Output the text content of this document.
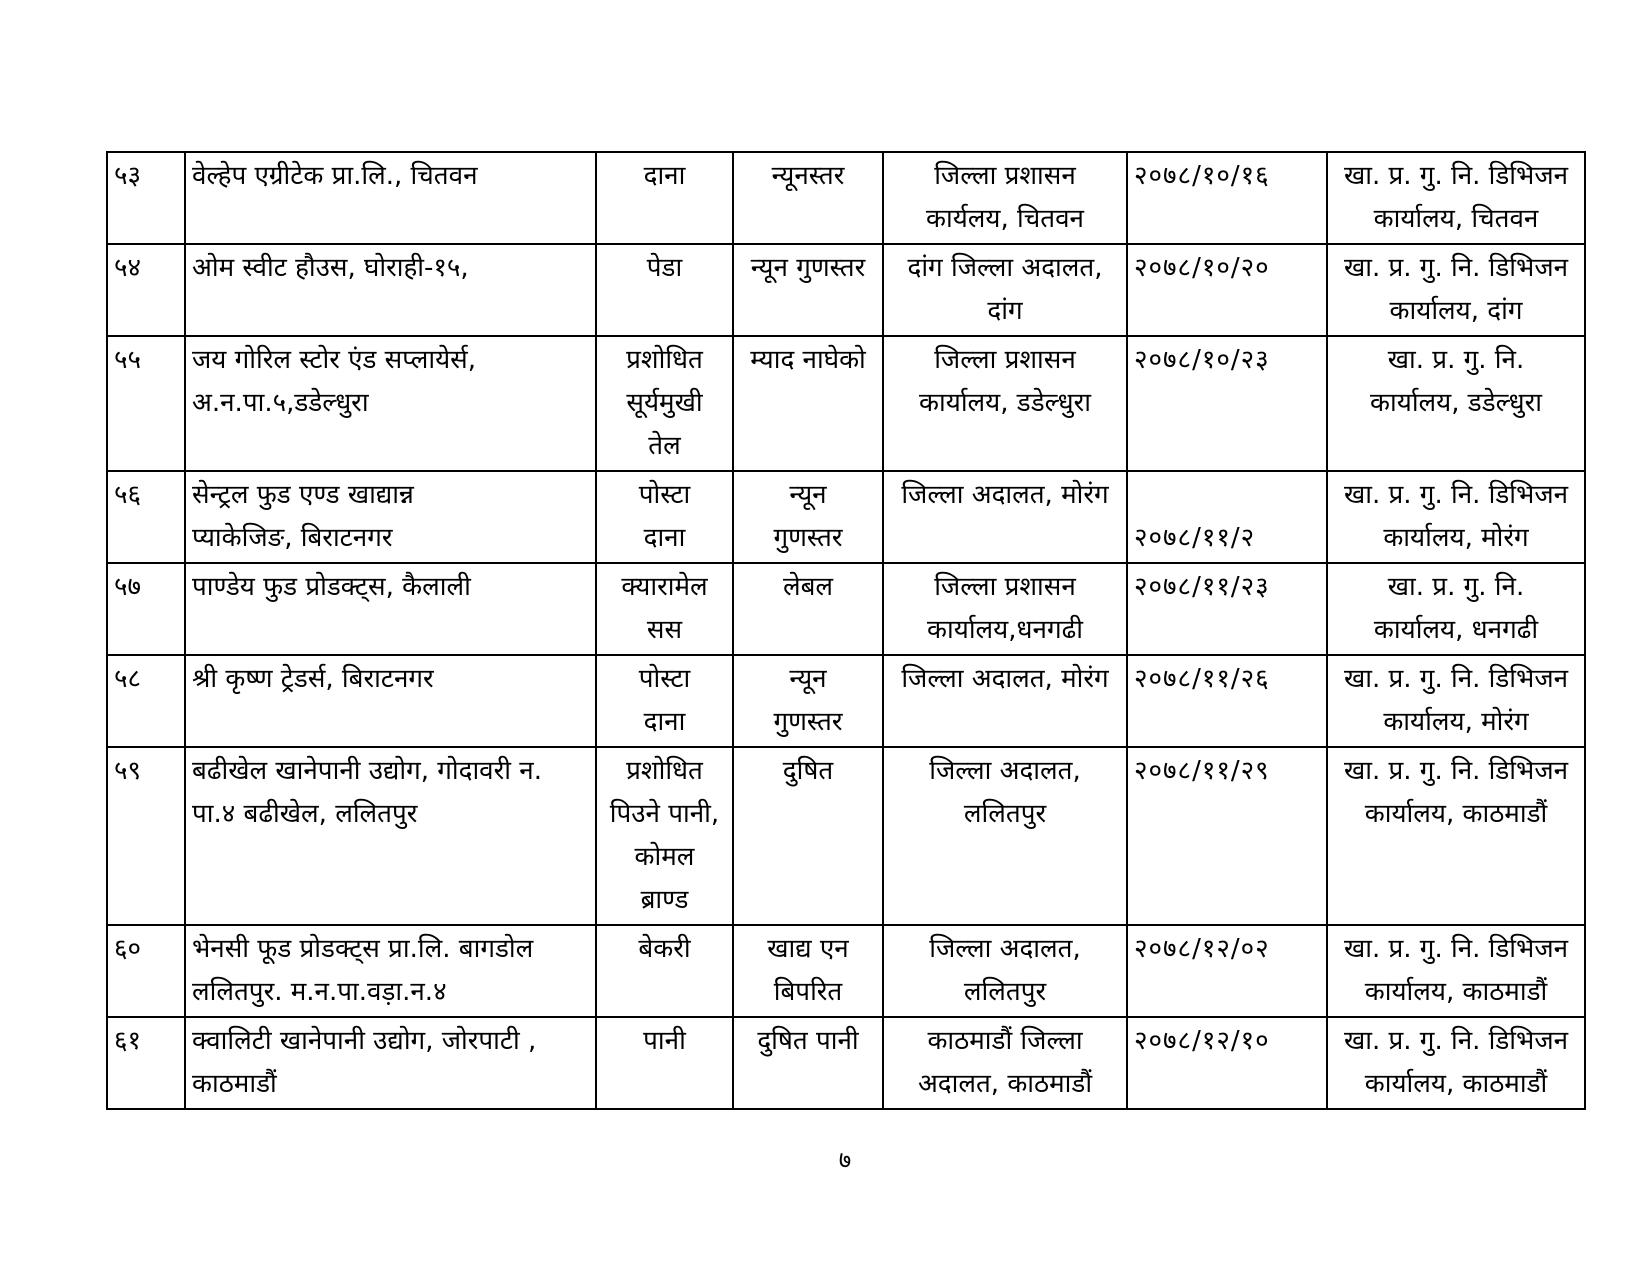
५३	वेल्हेप एग्रीटेक प्रा.लि., चितवन	दाना	न्यूनस्तर	जिल्ला प्रशासन
कार्यलय, चितवन	२०७८/१०/१६	खा. प्र. गु. नि. डिभिजन
कार्यालय, चितवन

५४	ओम स्वीट हौउस, घोराही-१५,	पेडा	न्यून गुणस्तर	दांग जिल्ला अदालत,
दांग	२०७८/१०/२०	खा. प्र. गु. नि. डिभिजन
कार्यालय, दांग

५५	जय गोरिल स्टोर एंड सप्लायेर्स,
अ.न.पा.५,डडेल्धुरा	प्रशोधित
सूर्यमुखी
तेल	म्याद नाघेको	जिल्ला प्रशासन
कार्यालय, डडेल्धुरा	२०७८/१०/२३	खा. प्र. गु. नि.
कार्यालय, डडेल्धुरा

५६	सेन्ट्रल फुड एण्ड खाद्यान्न
प्याकेजिङ, बिराटनगर	पोस्टा
दाना	न्यून
गुणस्तर	जिल्ला अदालत, मोरंग	२०७८/११/२	खा. प्र. गु. नि. डिभिजन
कार्यालय, मोरंग

५७	पाण्डेय फुड प्रोडक्ट्स, कैलाली	क्यारामेल
सस	लेबल	जिल्ला प्रशासन
कार्यालय,धनगढी	२०७८/११/२३	खा. प्र. गु. नि.
कार्यालय, धनगढी

५८	श्री कृष्ण ट्रेडर्स, बिराटनगर	पोस्टा
दाना	न्यून
गुणस्तर	जिल्ला अदालत, मोरंग	२०७८/११/२६	खा. प्र. गु. नि. डिभिजन
कार्यालय, मोरंग

५९	बढीखेल खानेपानी उद्योग, गोदावरी न.
पा.४ बढीखेल, ललितपुर	प्रशोधित
पिउने पानी,
कोमल
ब्राण्ड	दुषित	जिल्ला अदालत,
ललितपुर	२०७८/११/२९	खा. प्र. गु. नि. डिभिजन
कार्यालय, काठमाडौं

६०	भेनसी फूड प्रोडक्ट्स प्रा.लि. बागडोल
ललितपुर. म.न.पा.वड़ा.न.४	बेकरी	खाद्य एन
बिपरित	जिल्ला अदालत,
ललितपुर	२०७८/१२/०२	खा. प्र. गु. नि. डिभिजन
कार्यालय, काठमाडौं

६१	क्वालिटी खानेपानी उद्योग, जोरपाटी ,
काठमाडौं	पानी	दुषित पानी	काठमाडौं जिल्ला
अदालत, काठमाडौं	२०७८/१२/१०	खा. प्र. गु. नि. डिभिजन
कार्यालय, काठमाडौं
७
